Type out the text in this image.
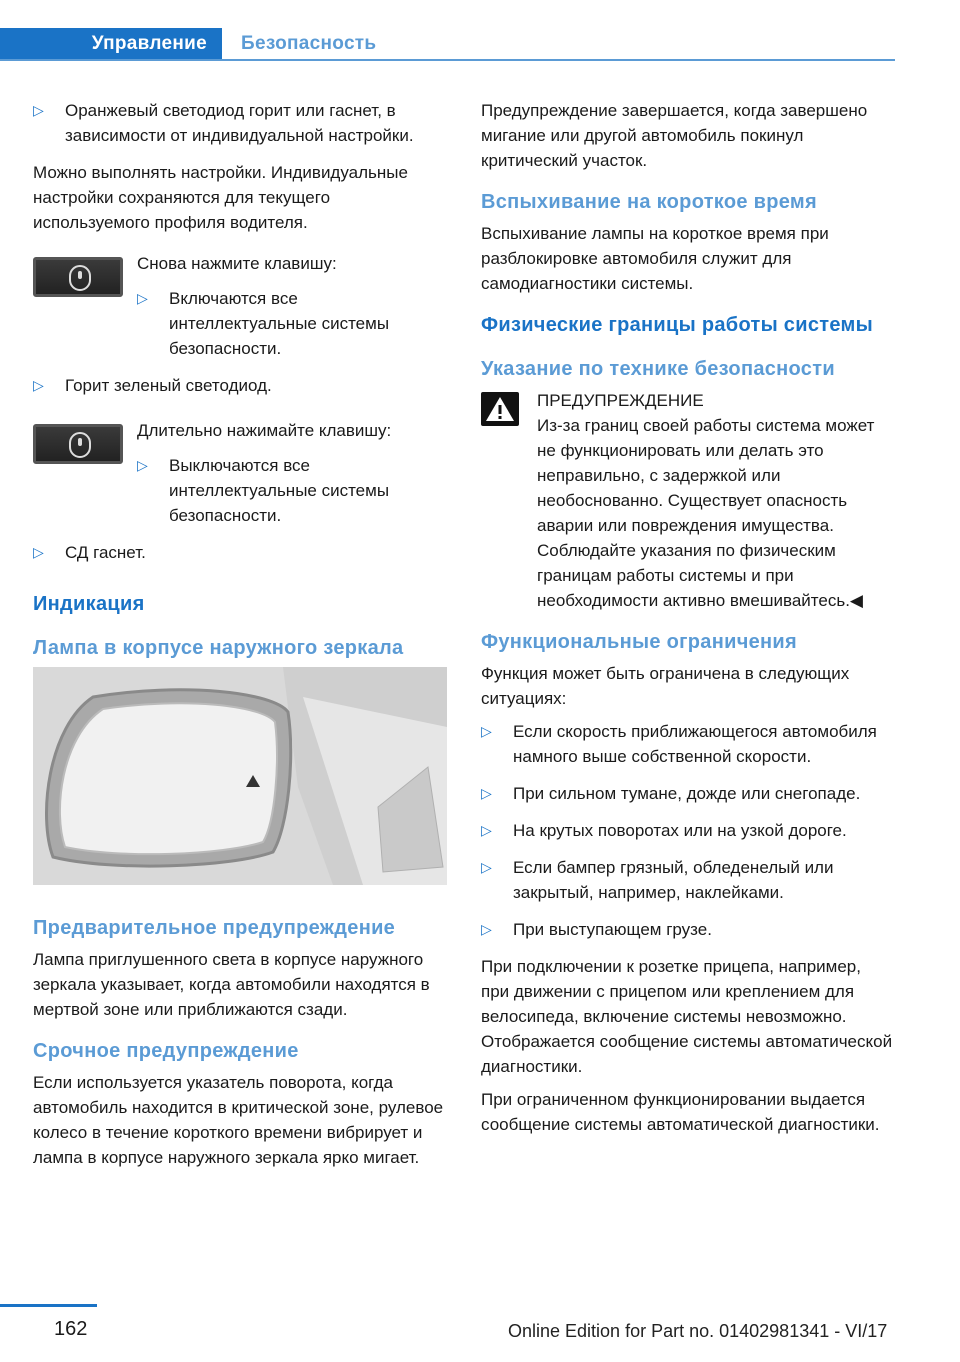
Управление	Безопасность
▷ Оранжевый светодиод горит или гаснет, в зависимости от индивидуальной настройки.

Можно выполнять настройки. Индивидуальные настройки сохраняются для текущего используемого профиля водителя.

Снова нажмите клавишу:

▷ Включаются все интеллектуальные системы безопасности.
▷ Горит зеленый светодиод.

Длительно нажимайте клавишу:

▷ Выключаются все интеллектуальные системы безопасности.
▷ СД гаснет.
Индикация
Лампа в корпусе наружного зеркала
Предварительное предупреждение

Лампа приглушенного света в корпусе наружного зеркала указывает, когда автомобили находятся в мертвой зоне или приближаются сзади.

Срочное предупреждение

Если используется указатель поворота, когда автомобиль находится в критической зоне, рулевое колесо в течение короткого времени вибрирует и лампа в корпусе наружного зеркала ярко мигает.

Предупреждение завершается, когда завершено мигание или другой автомобиль покинул критический участок.

Вспыхивание на короткое время

Вспыхивание лампы на короткое время при разблокировке автомобиля служит для самодиагностики системы.

Физические границы работы системы
Указание по технике безопасности

ПРЕДУПРЕЖДЕНИЕ

Из-за границ своей работы система может не функционировать или делать это неправильно, с задержкой или необоснованно. Существует опасность аварии или повреждения имущества. Соблюдайте указания по физическим границам работы системы и при необходимости активно вмешивайтесь.◀

Функциональные ограничения

Функция может быть ограничена в следующих ситуациях:

▷ Если скорость приближающегося автомобиля намного выше собственной скорости.
▷ При сильном тумане, дожде или снегопаде.
▷ На крутых поворотах или на узкой дороге.
▷ Если бампер грязный, обледенелый или закрытый, например, наклейками.
▷ При выступающем грузе.

При подключении к розетке прицепа, например, при движении с прицепом или креплением для велосипеда, включение системы невозможно. Отображается сообщение системы автоматической диагностики.

При ограниченном функционировании выдается сообщение системы автоматической диагностики.

162	Online Edition for Part no. 01402981341 - VI/17
